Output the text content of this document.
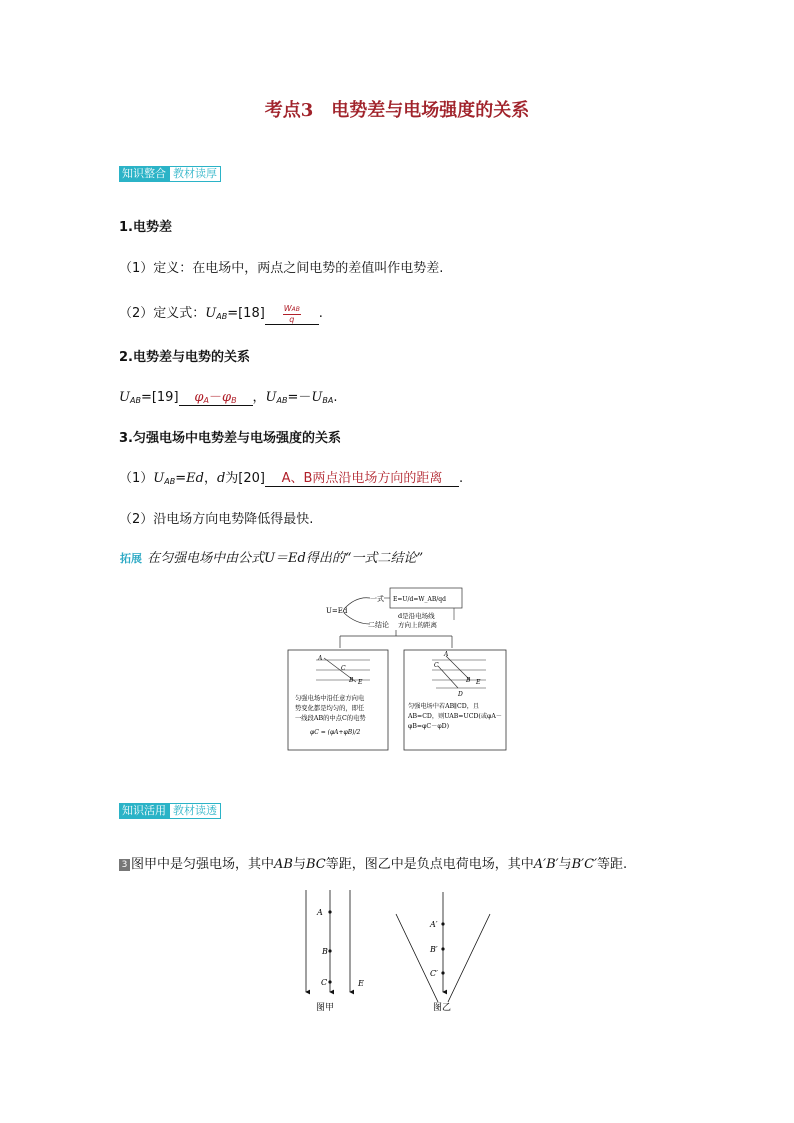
考点3　电势差与电场强度的关系
知识整合 教材读厚
1.电势差
（1）定义：在电场中，两点之间电势的差值叫作电势差.
（2）定义式：$U_{AB}=[18] \frac{\text{WAB}}{q}$ .
2.电势差与电势的关系
$U_{AB}=[19]$ $\varphi_A-\varphi_B$ ，$U_{AB}=-U_{BA}$.
3.匀强电场中电势差与电场强度的关系
$(1)U_{AB}=Ed$，d为[20] A、B两点沿电场方向的距离 .
（2）沿电场方向电势降低得最快.
拓展 在匀强电场中由公式U＝Ed得出的“一式二结论”
U=Ed
一式 E=U/d=W_AB/qd
二结论
d是沿电场线
方向上的距离
A
C
B E
匀强电场中沿任意方向电
势变化都是均匀的，即任
一线段AB的中点C的电势
φC = (φA+φB)/2
A
C
B
D
E
匀强电场中若AB∥CD，且
AB=CD，则UAB=UCD(或φA－
φB=φC－φD)
知识活用 教材读透
3 图甲中是匀强电场，其中AB与BC等距，图乙中是负点电荷电场，其中A′B′与B′C′等距.
A
B
C	E
图甲
A′
B′
C′
图乙
